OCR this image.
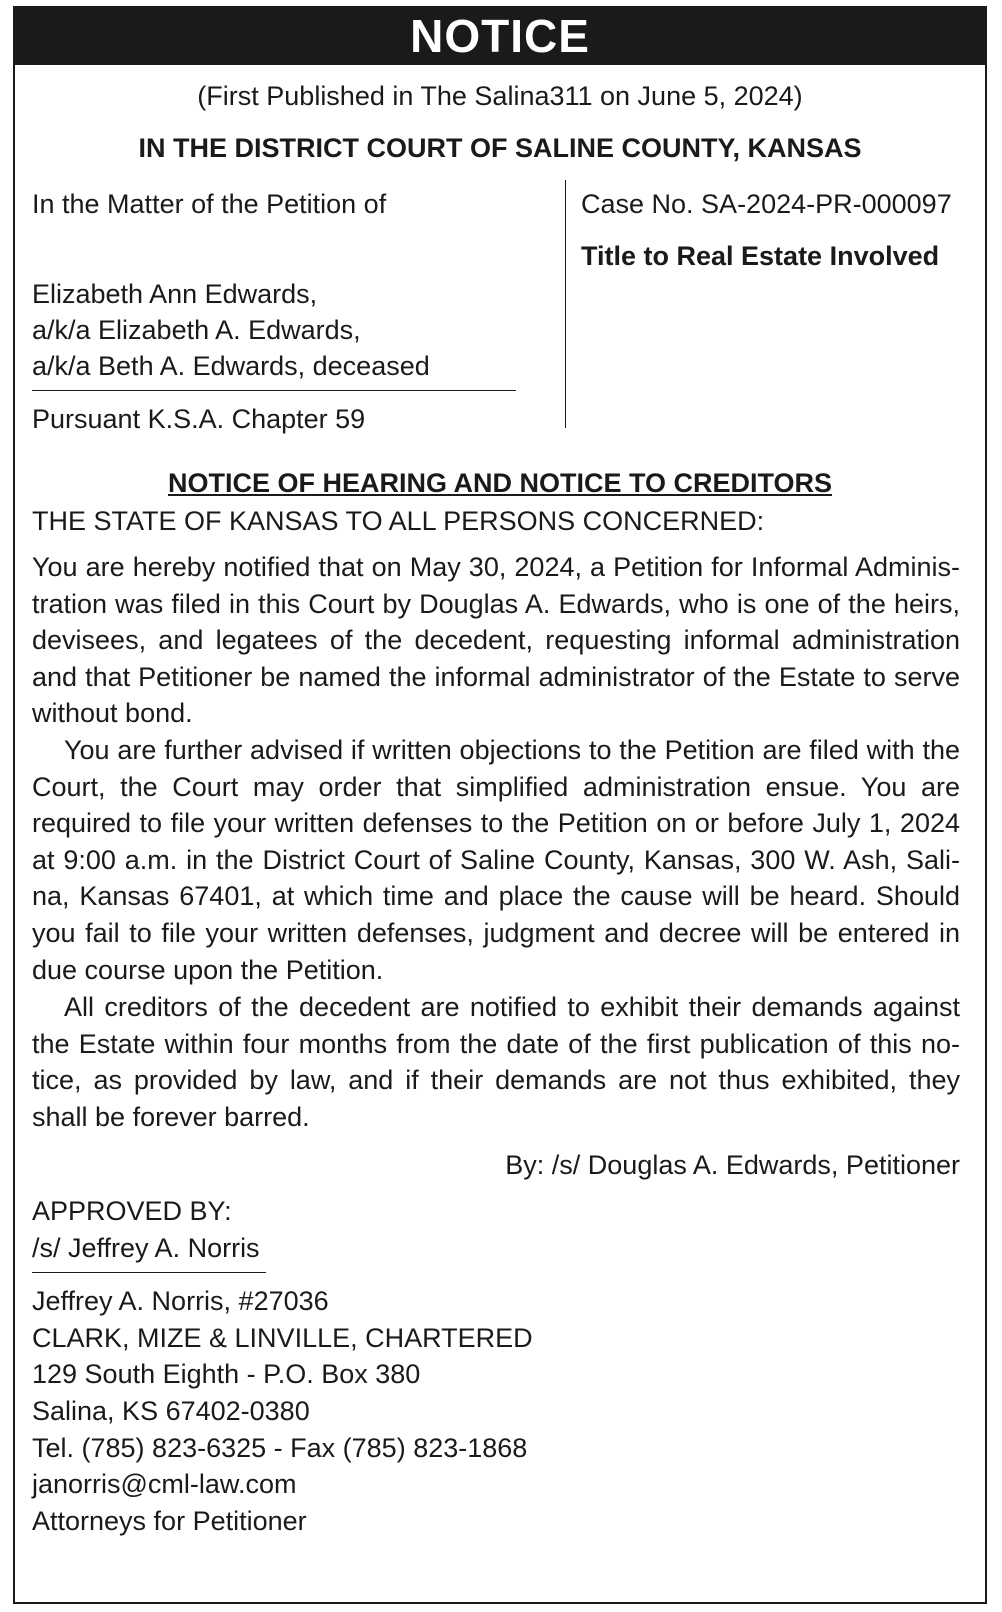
NOTICE
(First Published in The Salina311 on June 5, 2024)
IN THE DISTRICT COURT OF SALINE COUNTY, KANSAS
In the Matter of the Petition of
Elizabeth Ann Edwards,
a/k/a Elizabeth A. Edwards,
a/k/a Beth A. Edwards, deceased
Pursuant K.S.A. Chapter 59
Case No. SA-2024-PR-000097
Title to Real Estate Involved
NOTICE OF HEARING AND NOTICE TO CREDITORS
THE STATE OF KANSAS TO ALL PERSONS CONCERNED:
You are hereby notified that on May 30, 2024, a Petition for Informal Adminis-tration was filed in this Court by Douglas A. Edwards, who is one of the heirs, devisees, and legatees of the decedent, requesting informal administration and that Petitioner be named the informal administrator of the Estate to serve without bond.
You are further advised if written objections to the Petition are filed with the Court, the Court may order that simplified administration ensue. You are required to file your written defenses to the Petition on or before July 1, 2024 at 9:00 a.m. in the District Court of Saline County, Kansas, 300 W. Ash, Sali-na, Kansas 67401, at which time and place the cause will be heard. Should you fail to file your written defenses, judgment and decree will be entered in due course upon the Petition.
All creditors of the decedent are notified to exhibit their demands against the Estate within four months from the date of the first publication of this no-tice, as provided by law, and if their demands are not thus exhibited, they shall be forever barred.
By: /s/ Douglas A. Edwards, Petitioner
APPROVED BY:
/s/ Jeffrey A. Norris
Jeffrey A. Norris, #27036
CLARK, MIZE & LINVILLE, CHARTERED
129 South Eighth - P.O. Box 380
Salina, KS 67402-0380
Tel. (785) 823-6325 - Fax (785) 823-1868
janorris@cml-law.com
Attorneys for Petitioner
